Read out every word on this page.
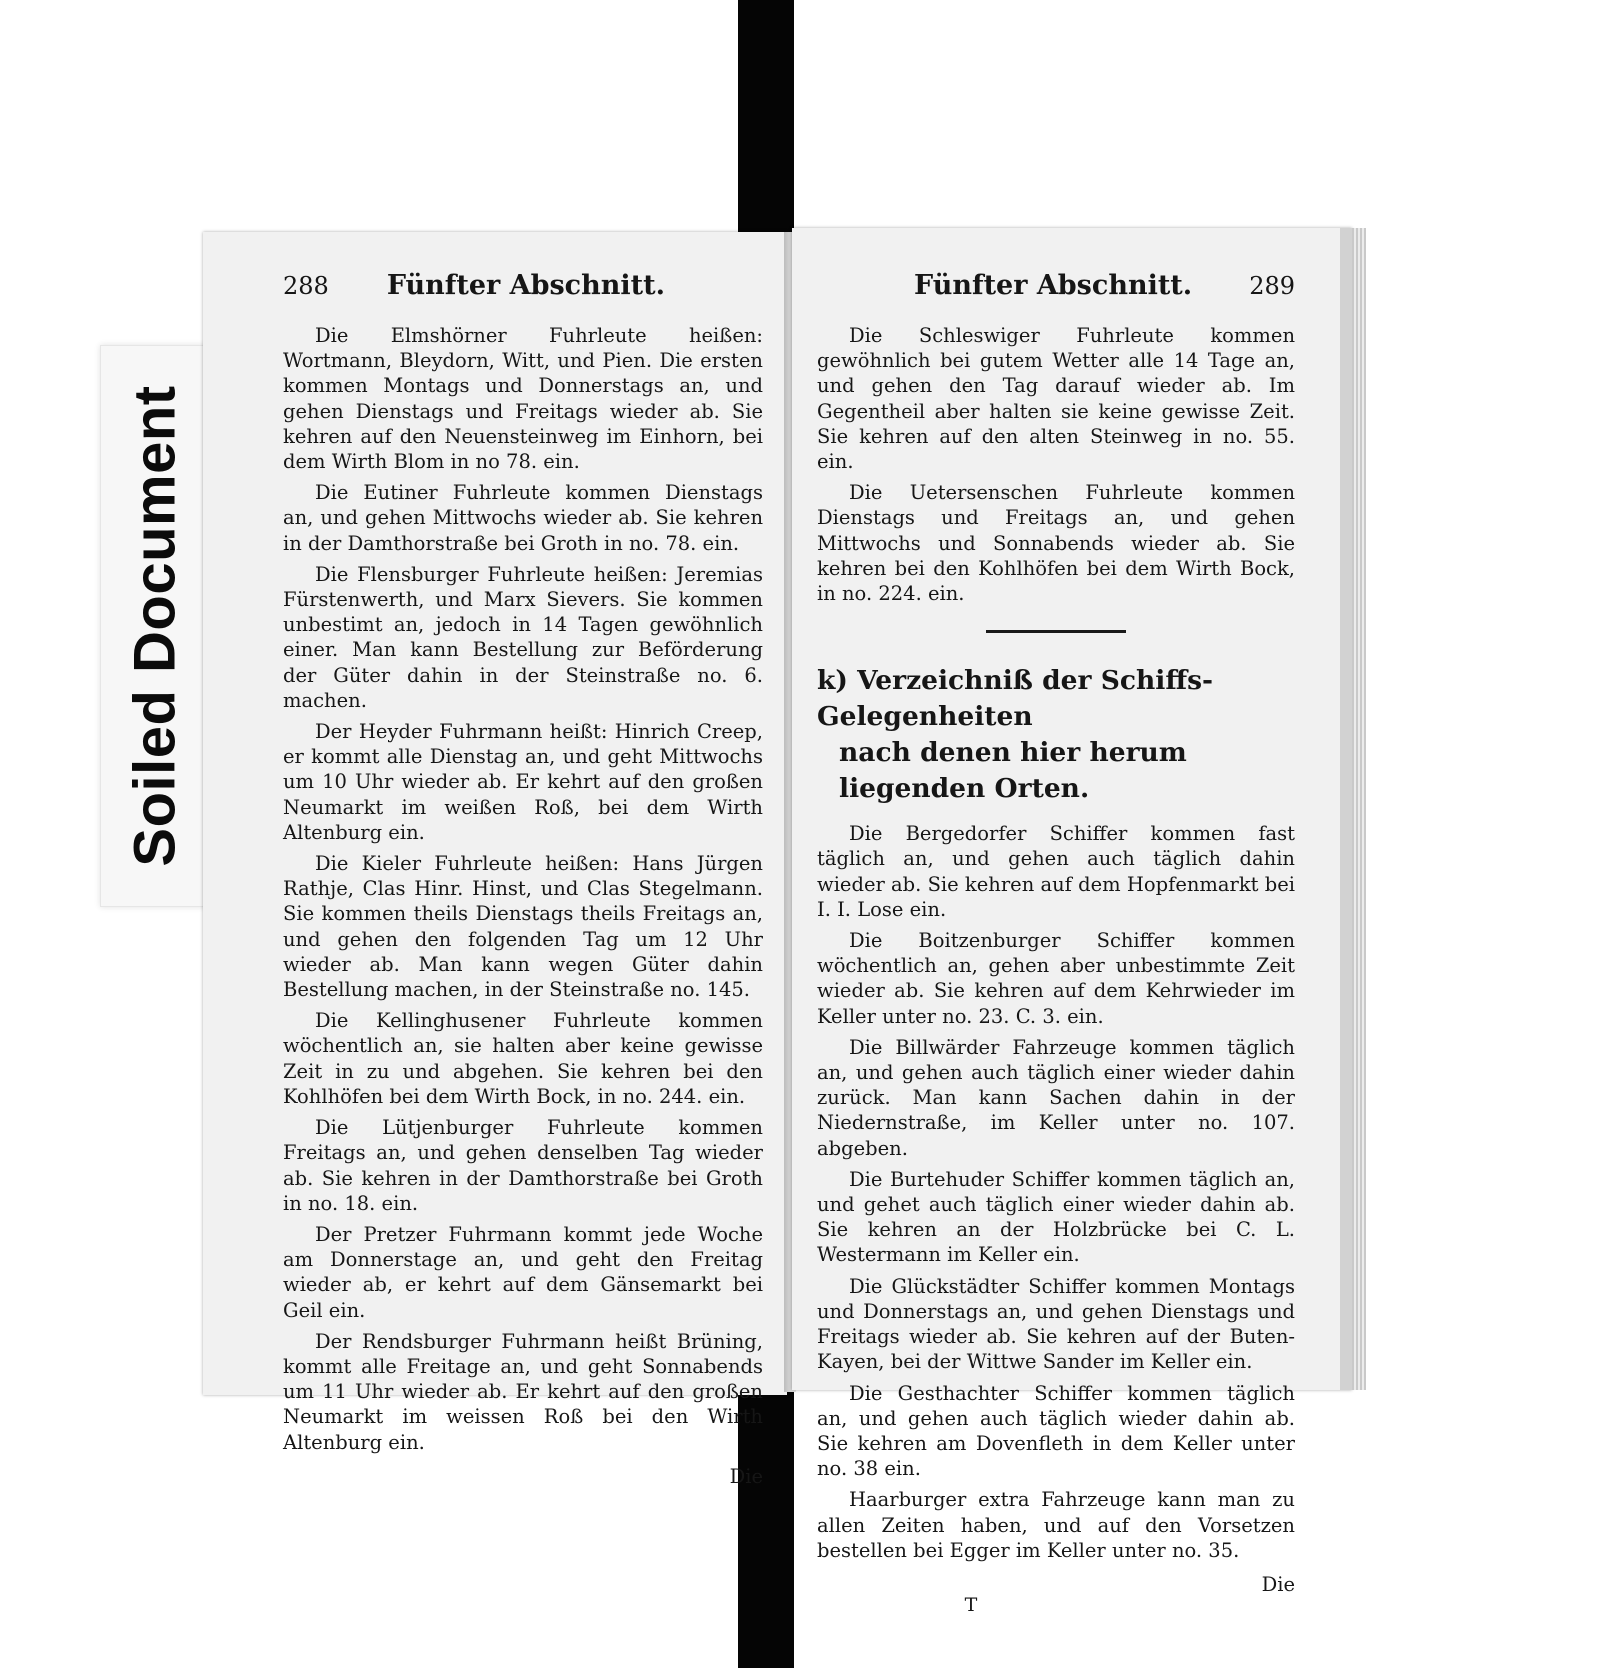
Soiled Document
288 Fünfter Abschnitt.

Die Elmshörner Fuhrleute heißen: Wortmann, Bleydorn, Witt, und Pien. Die ersten kommen Montags und Donnerstags an, und gehen Dienstags und Freitags wieder ab. Sie kehren auf den Neuensteinweg im Einhorn, bei dem Wirth Blom in no 78. ein.

Die Eutiner Fuhrleute kommen Dienstags an, und gehen Mittwochs wieder ab. Sie kehren in der Damthorstraße bei Groth in no. 78. ein.

Die Flensburger Fuhrleute heißen: Jeremias Fürstenwerth, und Marx Sievers. Sie kommen unbestimt an, jedoch in 14 Tagen gewöhnlich einer. Man kann Bestellung zur Beförderung der Güter dahin in der Steinstraße no. 6. machen.

Der Heyder Fuhrmann heißt: Hinrich Creep, er kommt alle Dienstag an, und geht Mittwochs um 10 Uhr wieder ab. Er kehrt auf den großen Neumarkt im weißen Roß, bei dem Wirth Altenburg ein.

Die Kieler Fuhrleute heißen: Hans Jürgen Rathje, Clas Hinr. Hinst, und Clas Stegelmann. Sie kommen theils Dienstags theils Freitags an, und gehen den folgenden Tag um 12 Uhr wieder ab. Man kann wegen Güter dahin Bestellung machen, in der Steinstraße no. 145.

Die Kellinghusener Fuhrleute kommen wöchentlich an, sie halten aber keine gewisse Zeit in zu und abgehen. Sie kehren bei den Kohlhöfen bei dem Wirth Bock, in no. 244. ein.

Die Lütjenburger Fuhrleute kommen Freitags an, und gehen denselben Tag wieder ab. Sie kehren in der Damthorstraße bei Groth in no. 18. ein.

Der Pretzer Fuhrmann kommt jede Woche am Donnerstage an, und geht den Freitag wieder ab, er kehrt auf dem Gänsemarkt bei Geil ein.

Der Rendsburger Fuhrmann heißt Brüning, kommt alle Freitage an, und geht Sonnabends um 11 Uhr wieder ab. Er kehrt auf den großen Neumarkt im weissen Roß bei den Wirth Altenburg ein.

Die
Fünfter Abschnitt. 289

Die Schleswiger Fuhrleute kommen gewöhnlich bei gutem Wetter alle 14 Tage an, und gehen den Tag darauf wieder ab. Im Gegentheil aber halten sie keine gewisse Zeit. Sie kehren auf den alten Steinweg in no. 55. ein.

Die Uetersenschen Fuhrleute kommen Dienstags und Freitags an, und gehen Mittwochs und Sonnabends wieder ab. Sie kehren bei den Kohlhöfen bei dem Wirth Bock, in no. 224. ein.

k) Verzeichniß der Schiffs-Gelegenheiten
nach denen hier herum liegenden Orten.

Die Bergedorfer Schiffer kommen fast täglich an, und gehen auch täglich dahin wieder ab. Sie kehren auf dem Hopfenmarkt bei I. I. Lose ein.

Die Boitzenburger Schiffer kommen wöchentlich an, gehen aber unbestimmte Zeit wieder ab. Sie kehren auf dem Kehrwieder im Keller unter no. 23. C. 3. ein.

Die Billwärder Fahrzeuge kommen täglich an, und gehen auch täglich einer wieder dahin zurück. Man kann Sachen dahin in der Niedernstraße, im Keller unter no. 107. abgeben.

Die Burtehuder Schiffer kommen täglich an, und gehet auch täglich einer wieder dahin ab. Sie kehren an der Holzbrücke bei C. L. Westermann im Keller ein.

Die Glückstädter Schiffer kommen Montags und Donnerstags an, und gehen Dienstags und Freitags wieder ab. Sie kehren auf der Buten-Kayen, bei der Wittwe Sander im Keller ein.

Die Gesthachter Schiffer kommen täglich an, und gehen auch täglich wieder dahin ab. Sie kehren am Dovenfleth in dem Keller unter no. 38 ein.

Haarburger extra Fahrzeuge kann man zu allen Zeiten haben, und auf den Vorsetzen bestellen bei Egger im Keller unter no. 35.

Die
T
